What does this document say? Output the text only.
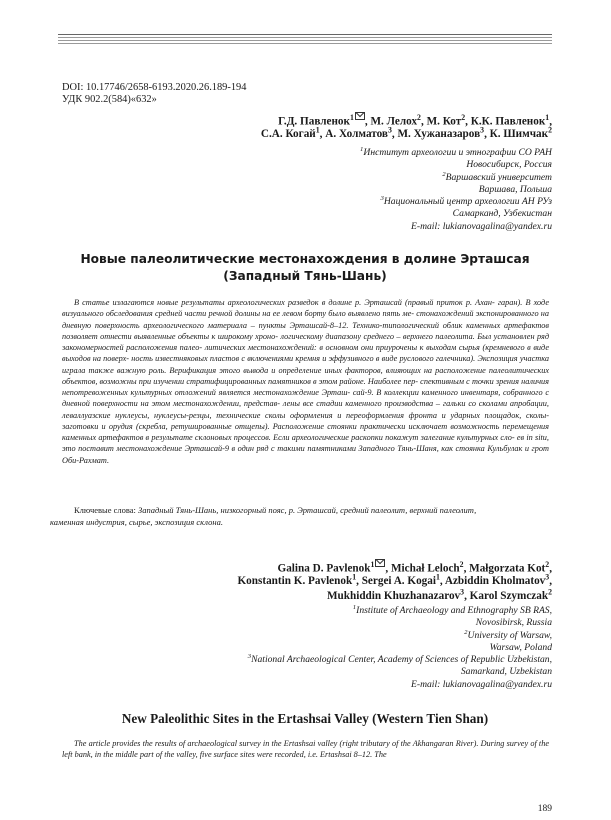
DOI: 10.17746/2658-6193.2020.26.189-194
УДК 902.2(584)«632»
Г.Д. Павленок$^1$ , М. Лелох$^2$, М. Кот$^2$, К.К. Павленок$^1$,
С.А. Когай$^1$, А. Холматов$^3$, М. Хужаназаров$^3$, К. Шимчак$^2$
$^1$Институт археологии и этнографии СО РАН
Новосибирск, Россия
$^2$Варшавский университет
Варшава, Польша
$^3$Национальный центр археологии АН РУз
Самарканд, Узбекистан
E-mail: lukianovagalina@yandex.ru
Новые палеолитические местонахождения в долине Эрташсая
(Западный Тянь-Шань)
В статье излагаются новые результаты археологических разведок в долине р. Эрташсай (правый приток р. Ахан- гаран). В ходе визуального обследования средней части речной долины на ее левом борту было выявлено пять ме- стонахождений экспонированного на дневную поверхность археологического материала – пункты Эрташсай-8–12. Технико-типологический облик каменных артефактов позволяет отнести выявленные объекты к широкому хроно- логическому диапазону среднего – верхнего палеолита. Был установлен ряд закономерностей расположения палео- литических местонахождений: в основном они приурочены к выходам сырья (кремневого в виде выходов на поверх- ность известняковых пластов с включениями кремня и эффузивного в виде руслового галечника). Экспозиция участка играла также важную роль. Верификация этого вывода и определение иных факторов, влияющих на расположение палеолитических объектов, возможны при изучении стратифицированных памятников в этом районе. Наиболее пер- спективным с точки зрения наличия непотревоженных культурных отложений является местонахождение Эрташ- сай-9. В коллекции каменного инвентаря, собранного с дневной поверхности на этом местонахождении, представ- лены все стадии каменного производства – гальки со сколами апробации, леваллуазские нуклеусы, нуклеусы-резцы, технические сколы оформления и переоформления фронта и ударных площадок, сколы-заготовки и орудия (скребла, ретушированные отщепы). Расположение стоянки практически исключает возможность перемещения каменных артефактов в результате склоновых процессов. Если археологические раскопки покажут залегание культурных сло- ев in situ, это поставит местонахождение Эрташсай-9 в один ряд с такими памятниками Западного Тянь-Шаня, как стоянка Кульбулак и грот Оби-Рахмат.
Ключевые слова: Западный Тянь-Шань, низкогорный пояс, р. Эрташсай, средний палеолит, верхний палеолит,
каменная индустрия, сырье, экспозиция склона.
Galina D. Pavlenok$^1$ , Michał Leloch$^2$, Małgorzata Kot$^2$,
Konstantin K. Pavlenok$^1$, Sergei A. Kogai$^1$, Azbiddin Kholmatov$^3$,
Mukhiddin Khuzhanazarov$^3$, Karol Szymczak$^2$
$^1$Institute of Archaeology and Ethnography SB RAS,
Novosibirsk, Russia
$^2$University of Warsaw,
Warsaw, Poland
$^3$National Archaeological Center, Academy of Sciences of Republic Uzbekistan,
Samarkand, Uzbekistan
E-mail: lukianovagalina@yandex.ru
New Paleolithic Sites in the Ertashsai Valley (Western Tien Shan)
The article provides the results of archaeological survey in the Ertashsai valley (right tributary of the Akhangaran River). During survey of the left bank, in the middle part of the valley, five surface sites were recorded, i.e. Ertashsai 8–12. The
189
